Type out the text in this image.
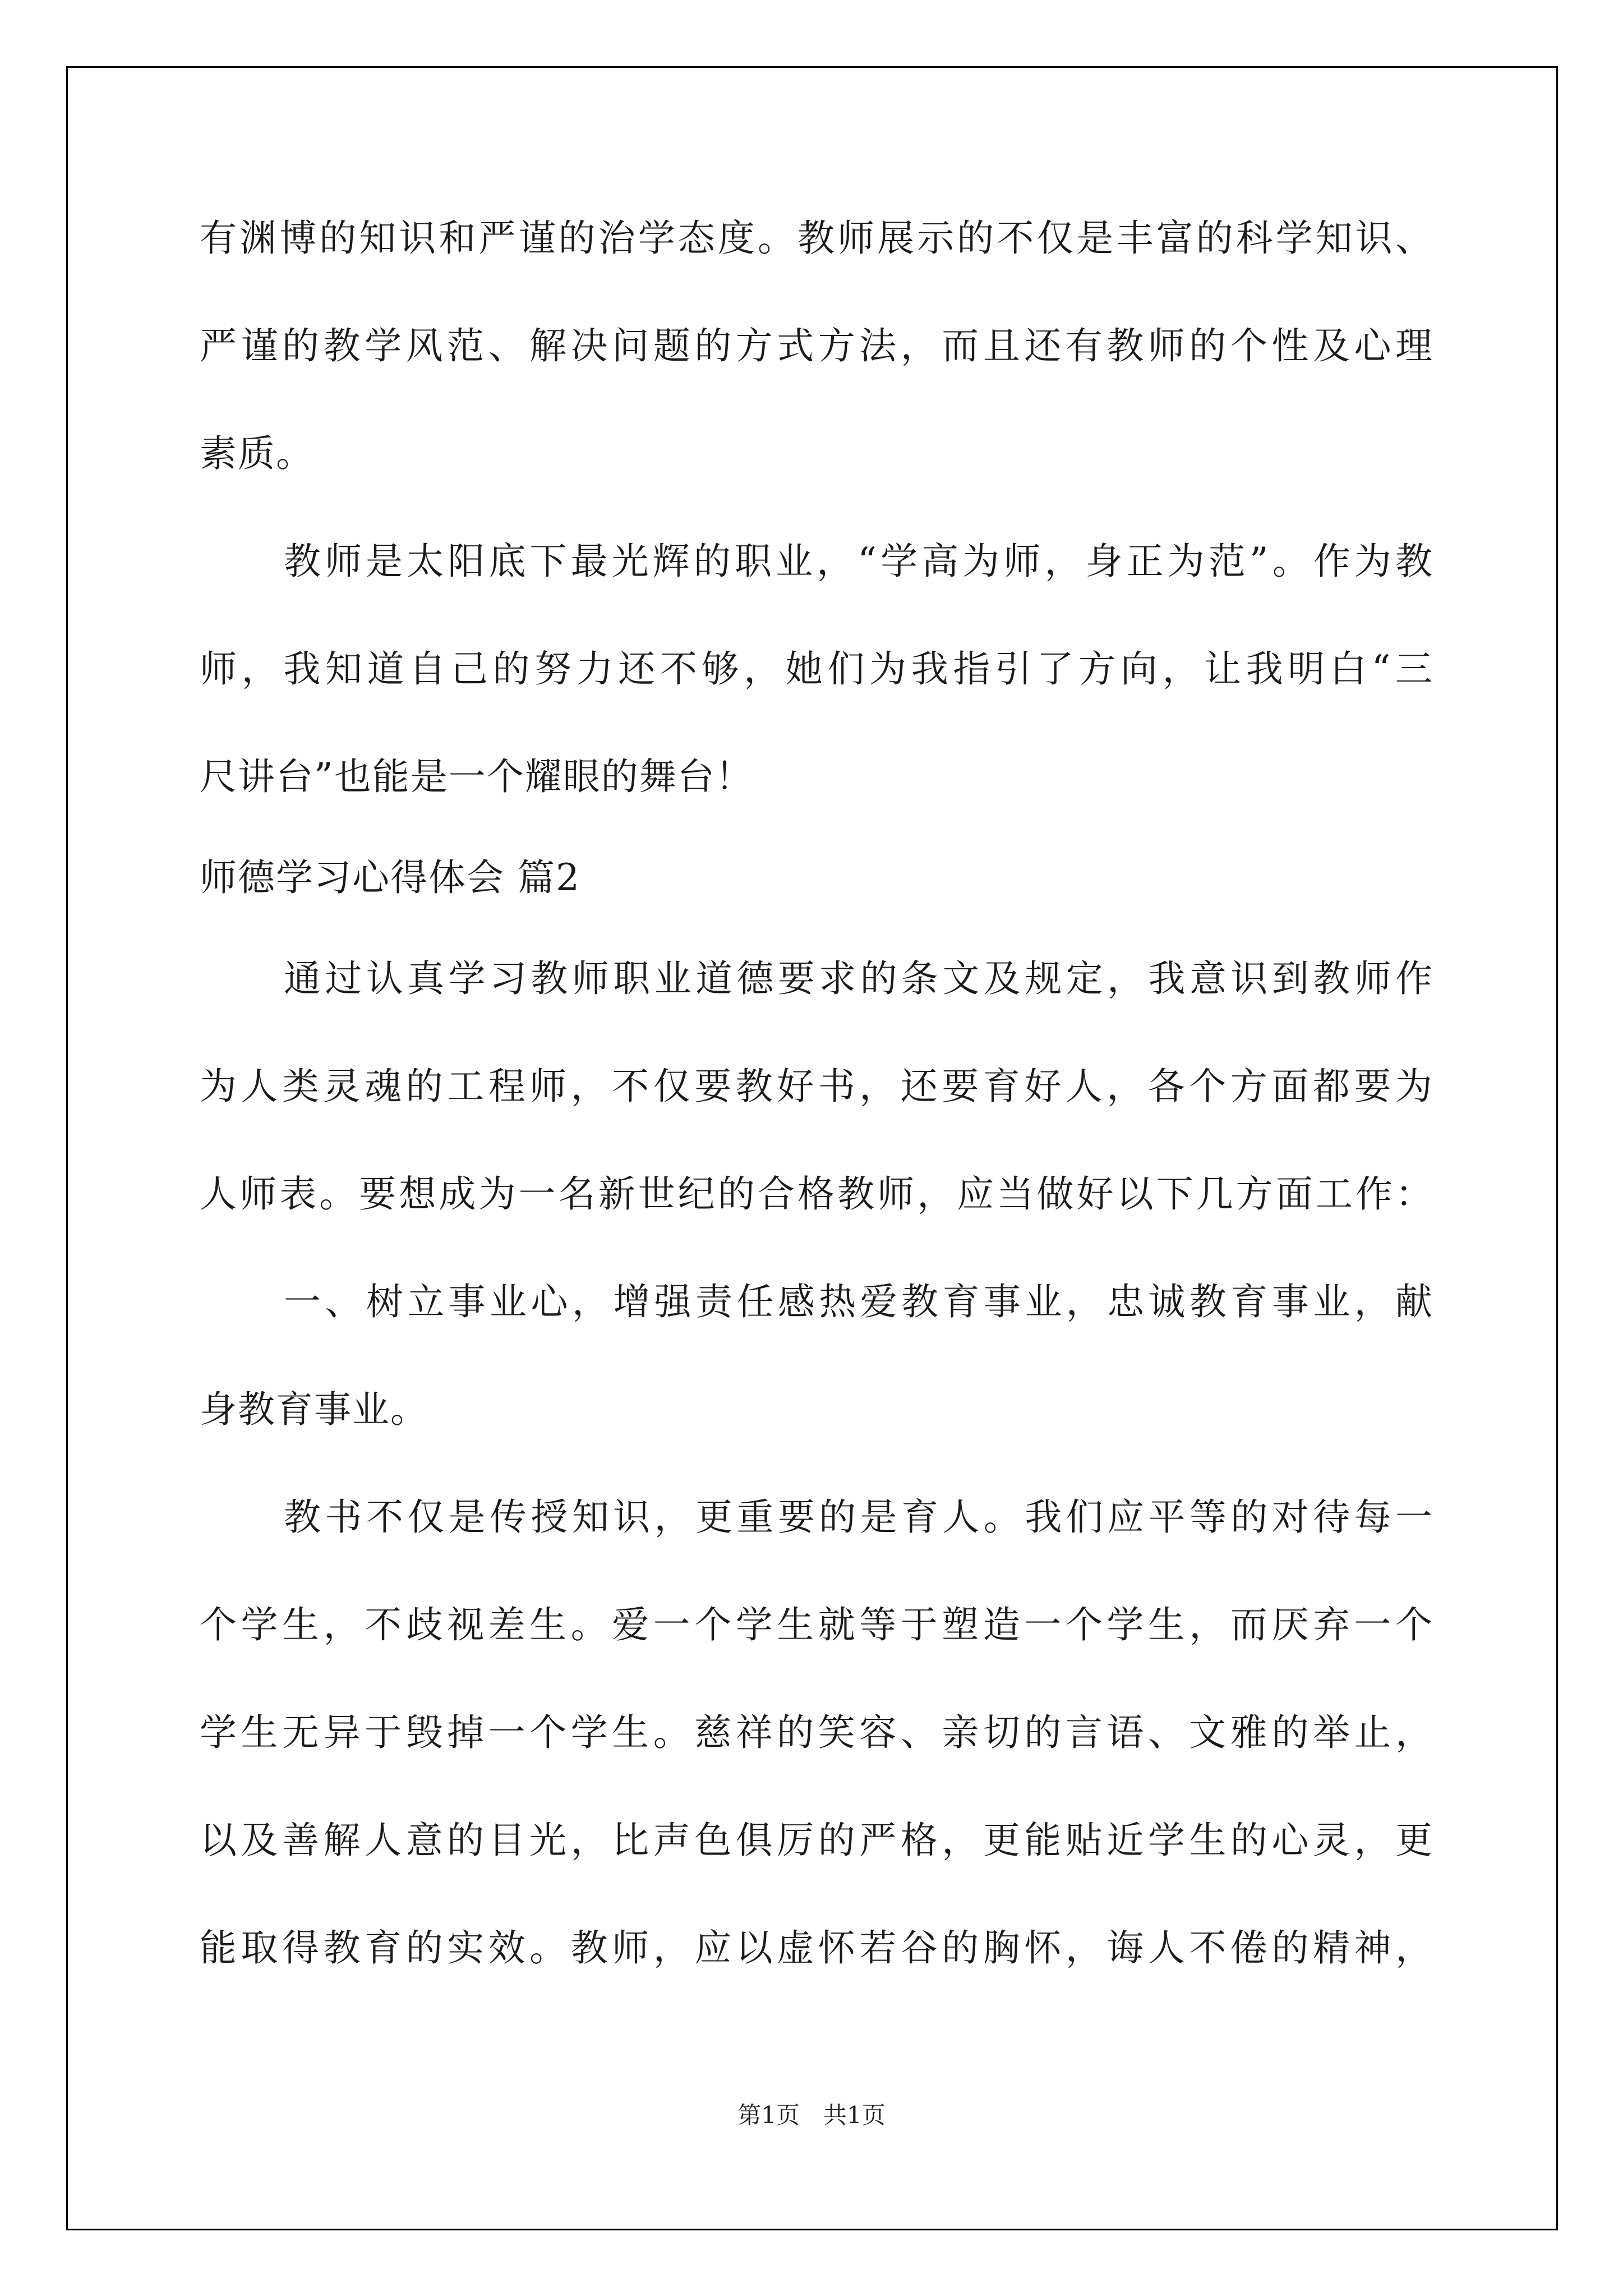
有渊博的知识和严谨的治学态度。教师展示的不仅是丰富的科学知识、
严谨的教学风范、解决问题的方式方法，而且还有教师的个性及心理
素质。
教师是太阳底下最光辉的职业，“学高为师，身正为范”。作为教
师，我知道自己的努力还不够，她们为我指引了方向，让我明白“三
尺讲台”也能是一个耀眼的舞台！
师德学习心得体会 篇2
通过认真学习教师职业道德要求的条文及规定，我意识到教师作
为人类灵魂的工程师，不仅要教好书，还要育好人，各个方面都要为
人师表。要想成为一名新世纪的合格教师，应当做好以下几方面工作：
一、树立事业心，增强责任感热爱教育事业，忠诚教育事业，献
身教育事业。
教书不仅是传授知识，更重要的是育人。我们应平等的对待每一
个学生，不歧视差生。爱一个学生就等于塑造一个学生，而厌弃一个
学生无异于毁掉一个学生。慈祥的笑容、亲切的言语、文雅的举止，
以及善解人意的目光，比声色俱厉的严格，更能贴近学生的心灵，更
能取得教育的实效。教师，应以虚怀若谷的胸怀，诲人不倦的精神，
第1页　共1页
